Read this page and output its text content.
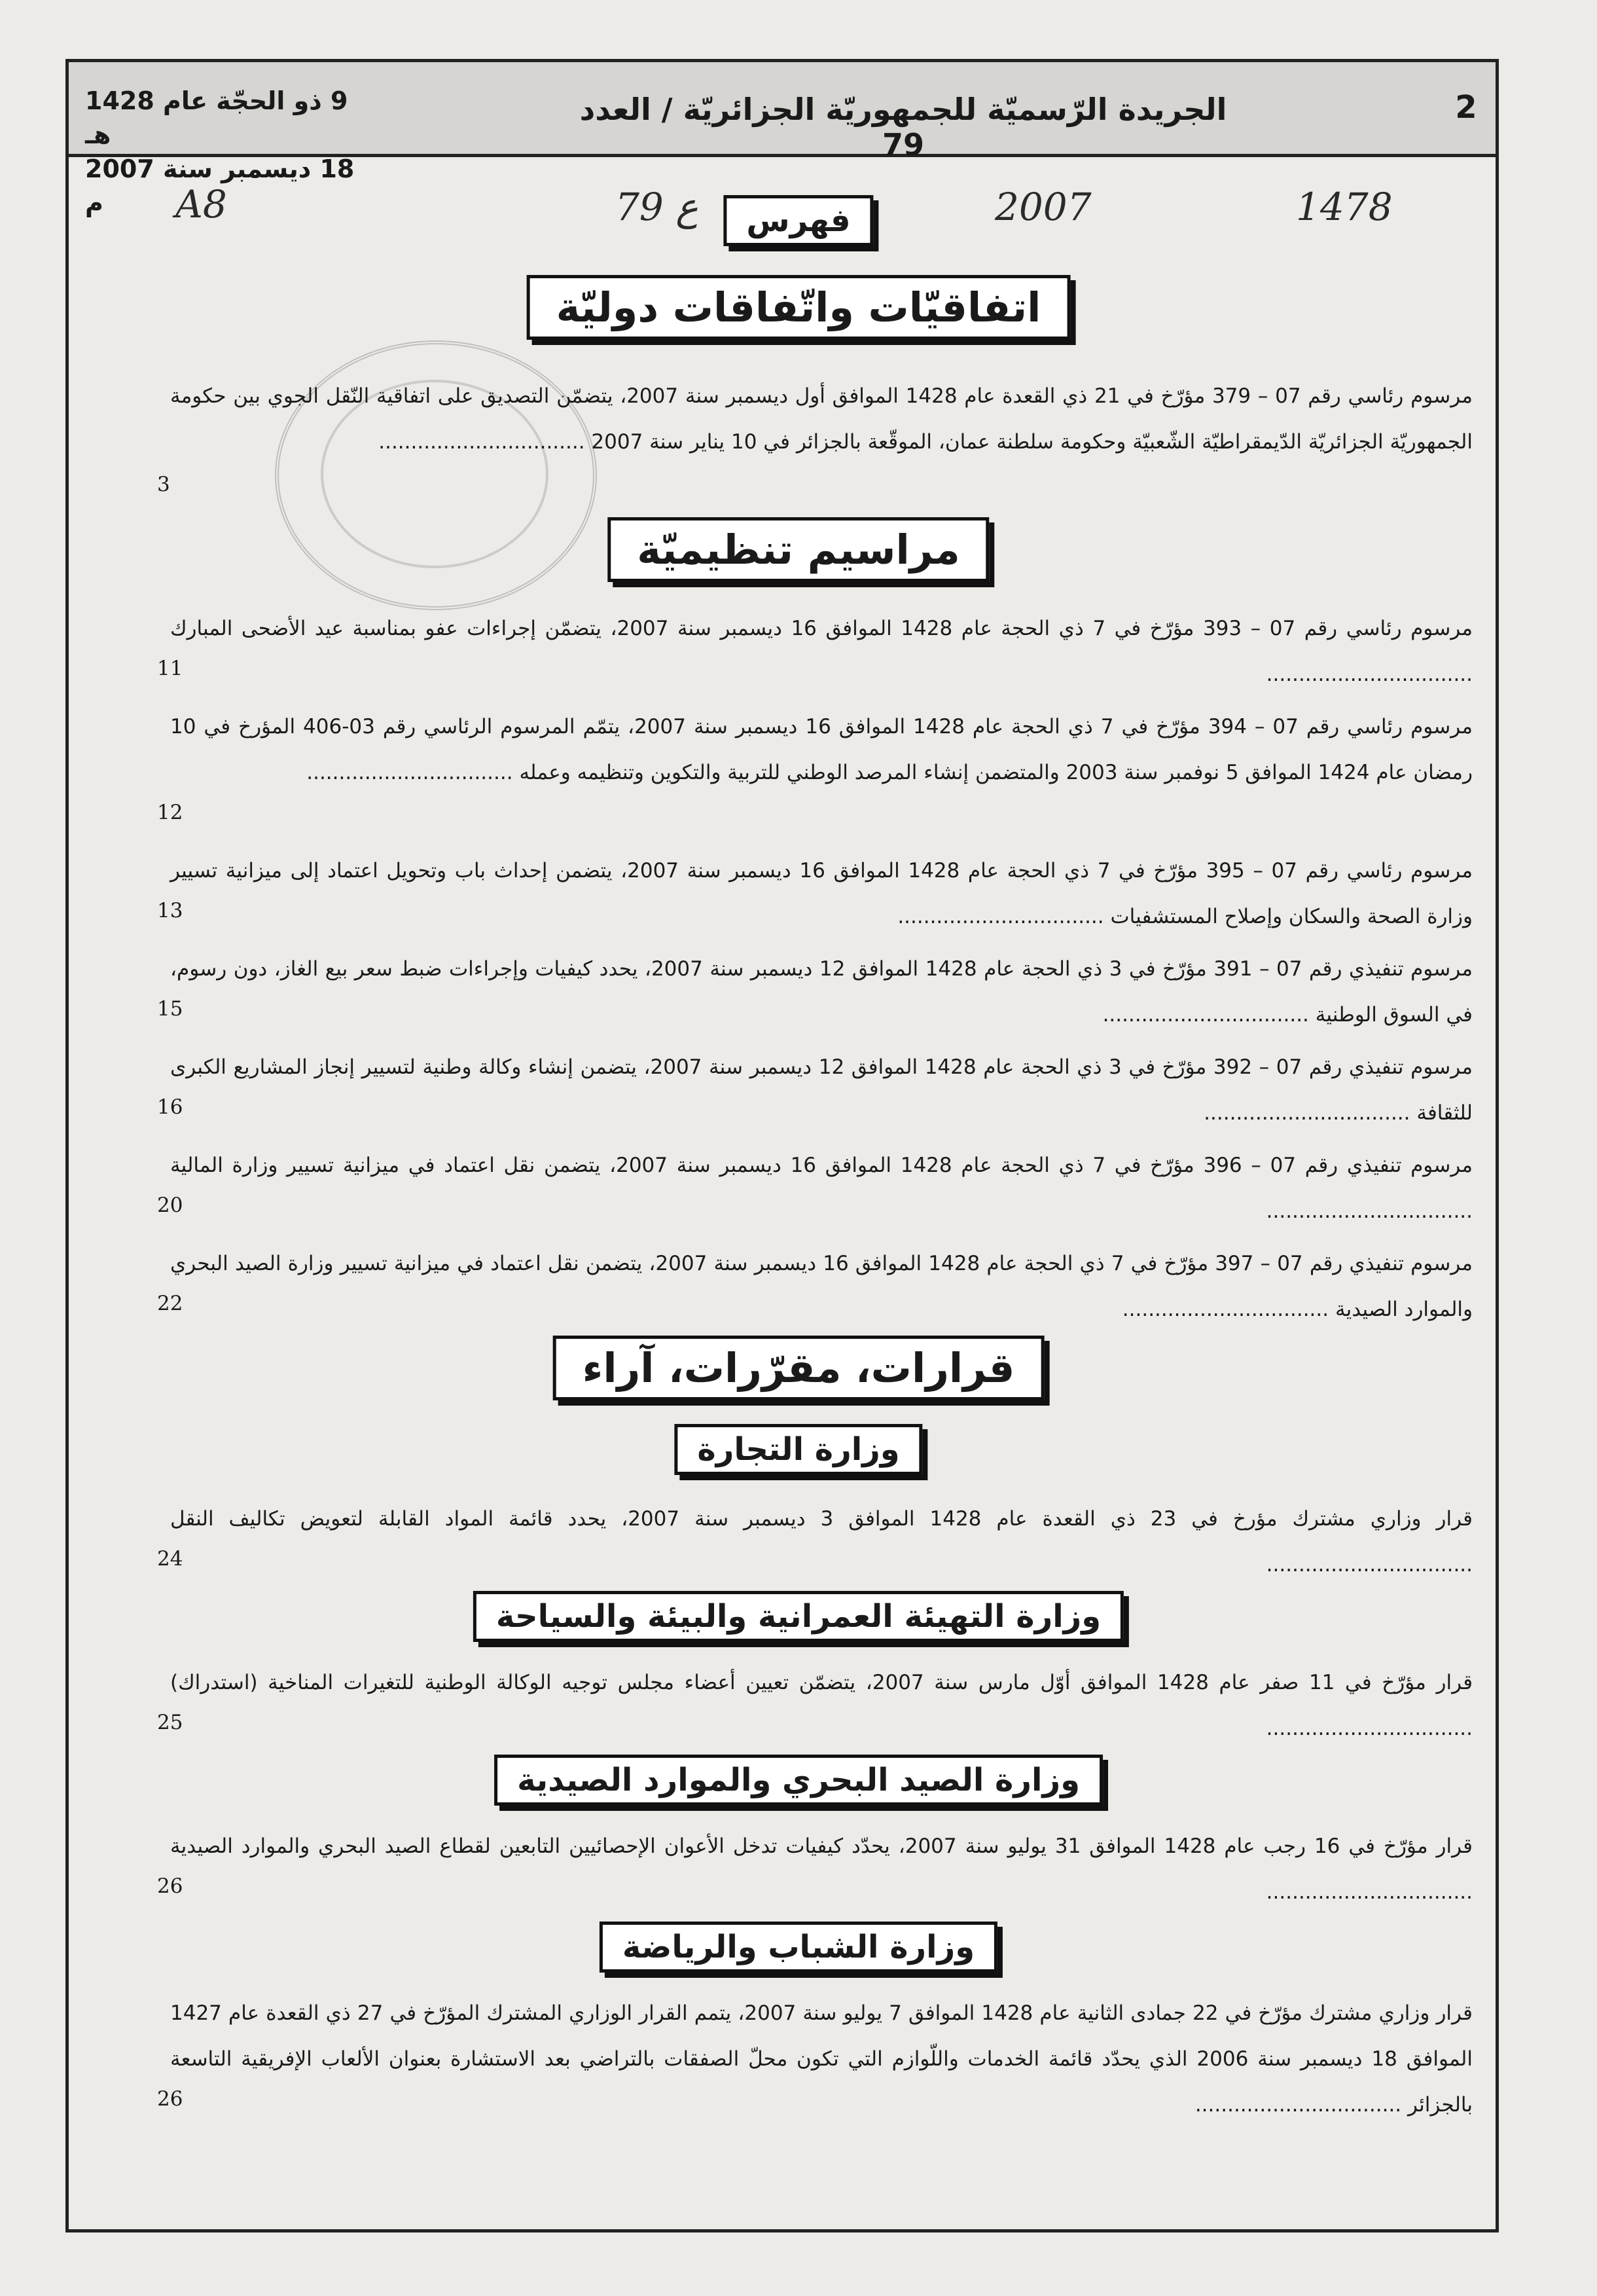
9 ذو الحجّة عام 1428 هـ
18 ديسمبر سنة 2007 م
الجريدة الرّسميّة للجمهوريّة الجزائريّة / العدد 79
2
A8	79 ع	2007	1478
فهرس
اتفاقيّات واتّفاقات دوليّة
مرسوم رئاسي رقم 07 – 379 مؤرّخ في 21 ذي القعدة عام 1428 الموافق أول ديسمبر سنة 2007، يتضمّن التصديق على اتفاقية النّقل الجوي بين حكومة الجمهوريّة الجزائريّة الدّيمقراطيّة الشّعبيّة وحكومة سلطنة عمان، الموقّعة بالجزائر في 10 يناير سنة 2007 ................................
3
مراسيم تنظيميّة
مرسوم رئاسي رقم 07 – 393 مؤرّخ في 7 ذي الحجة عام 1428 الموافق 16 ديسمبر سنة 2007، يتضمّن إجراءات عفو بمناسبة عيد الأضحى المبارك ................................
11
مرسوم رئاسي رقم 07 – 394 مؤرّخ في 7 ذي الحجة عام 1428 الموافق 16 ديسمبر سنة 2007، يتمّم المرسوم الرئاسي رقم 03-406 المؤرخ في 10 رمضان عام 1424 الموافق 5 نوفمبر سنة 2003 والمتضمن إنشاء المرصد الوطني للتربية والتكوين وتنظيمه وعمله ................................
12
مرسوم رئاسي رقم 07 – 395 مؤرّخ في 7 ذي الحجة عام 1428 الموافق 16 ديسمبر سنة 2007، يتضمن إحداث باب وتحويل اعتماد إلى ميزانية تسيير وزارة الصحة والسكان وإصلاح المستشفيات ................................
13
مرسوم تنفيذي رقم 07 – 391 مؤرّخ في 3 ذي الحجة عام 1428 الموافق 12 ديسمبر سنة 2007، يحدد كيفيات وإجراءات ضبط سعر بيع الغاز، دون رسوم، في السوق الوطنية ................................
15
مرسوم تنفيذي رقم 07 – 392 مؤرّخ في 3 ذي الحجة عام 1428 الموافق 12 ديسمبر سنة 2007، يتضمن إنشاء وكالة وطنية لتسيير إنجاز المشاريع الكبرى للثقافة ................................
16
مرسوم تنفيذي رقم 07 – 396 مؤرّخ في 7 ذي الحجة عام 1428 الموافق 16 ديسمبر سنة 2007، يتضمن نقل اعتماد في ميزانية تسيير وزارة المالية ................................
20
مرسوم تنفيذي رقم 07 – 397 مؤرّخ في 7 ذي الحجة عام 1428 الموافق 16 ديسمبر سنة 2007، يتضمن نقل اعتماد في ميزانية تسيير وزارة الصيد البحري والموارد الصيدية ................................
22
قرارات، مقرّرات، آراء
وزارة التجارة
قرار وزاري مشترك مؤرخ في 23 ذي القعدة عام 1428 الموافق 3 ديسمبر سنة 2007، يحدد قائمة المواد القابلة لتعويض تكاليف النقل ................................
24
وزارة التهيئة العمرانية والبيئة والسياحة
قرار مؤرّخ في 11 صفر عام 1428 الموافق أوّل مارس سنة 2007، يتضمّن تعيين أعضاء مجلس توجيه الوكالة الوطنية للتغيرات المناخية (استدراك) ................................
25
وزارة الصيد البحري والموارد الصيدية
قرار مؤرّخ في 16 رجب عام 1428 الموافق 31 يوليو سنة 2007، يحدّد كيفيات تدخل الأعوان الإحصائيين التابعين لقطاع الصيد البحري والموارد الصيدية ................................
26
وزارة الشباب والرياضة
قرار وزاري مشترك مؤرّخ في 22 جمادى الثانية عام 1428 الموافق 7 يوليو سنة 2007، يتمم القرار الوزاري المشترك المؤرّخ في 27 ذي القعدة عام 1427 الموافق 18 ديسمبر سنة 2006 الذي يحدّد قائمة الخدمات واللّوازم التي تكون محلّ الصفقات بالتراضي بعد الاستشارة بعنوان الألعاب الإفريقية التاسعة بالجزائر ................................
26
